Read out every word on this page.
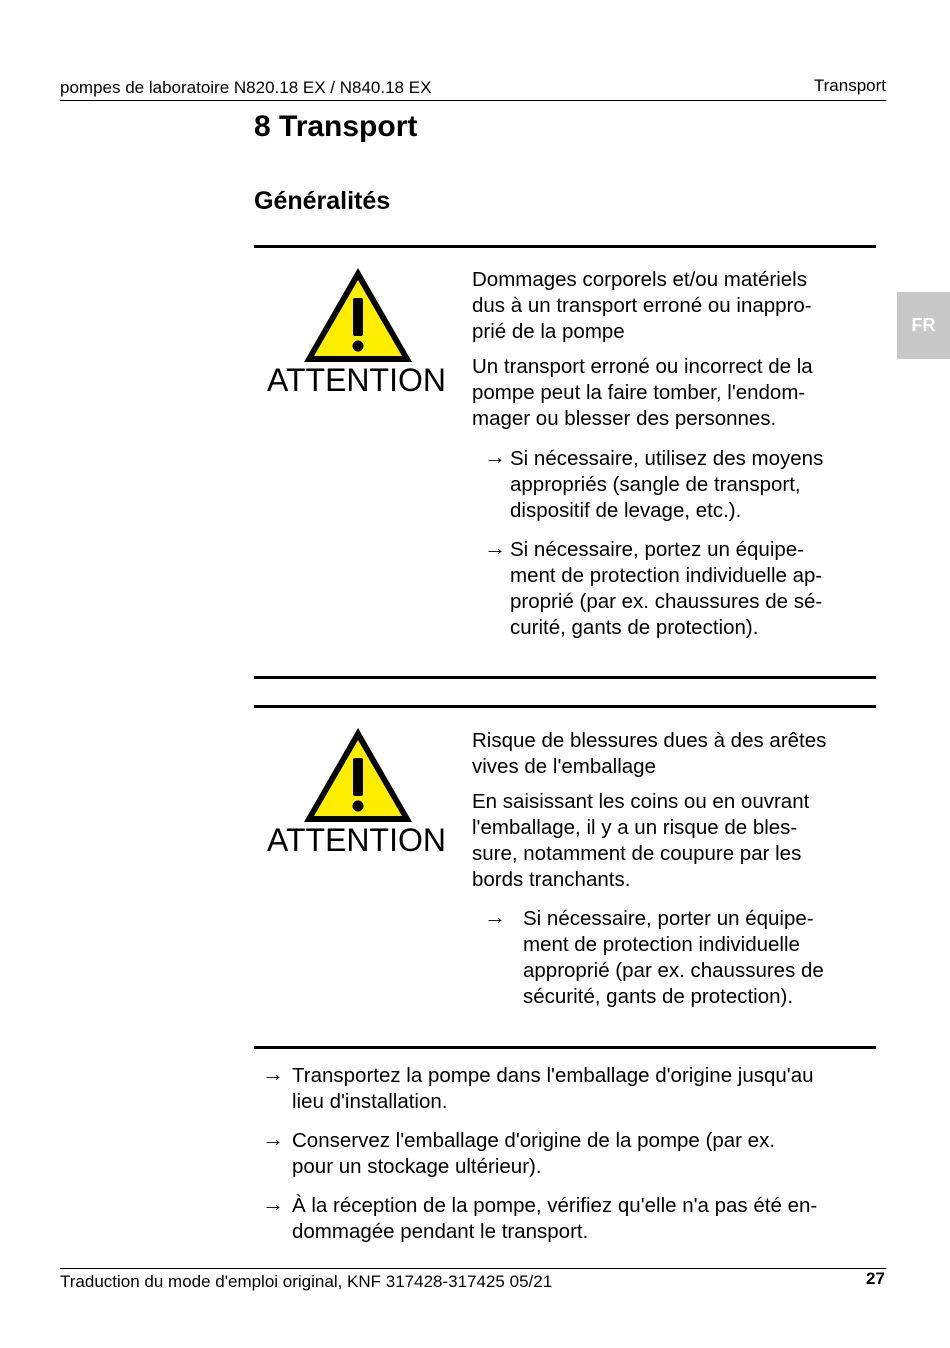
pompes de laboratoire N820.18 EX / N840.18 EX	Transport
FR
8 Transport
Généralités
ATTENTION
Dommages corporels et/ou matériels
dus à un transport erroné ou inappro-
prié de la pompe
Un transport erroné ou incorrect de la
pompe peut la faire tomber, l'endom-
mager ou blesser des personnes.
→ Si nécessaire, utilisez des moyens
appropriés (sangle de transport,
dispositif de levage, etc.).
→ Si nécessaire, portez un équipe-
ment de protection individuelle ap-
proprié (par ex. chaussures de sé-
curité, gants de protection).
ATTENTION
Risque de blessures dues à des arêtes
vives de l'emballage
En saisissant les coins ou en ouvrant
l'emballage, il y a un risque de bles-
sure, notamment de coupure par les
bords tranchants.
→ Si nécessaire, porter un équipe-
ment de protection individuelle
approprié (par ex. chaussures de
sécurité, gants de protection).
→ Transportez la pompe dans l'emballage d'origine jusqu'au
lieu d'installation.
→ Conservez l'emballage d'origine de la pompe (par ex.
pour un stockage ultérieur).
→ À la réception de la pompe, vérifiez qu'elle n'a pas été en-
dommagée pendant le transport.
Traduction du mode d'emploi original, KNF 317428-317425 05/21	27
